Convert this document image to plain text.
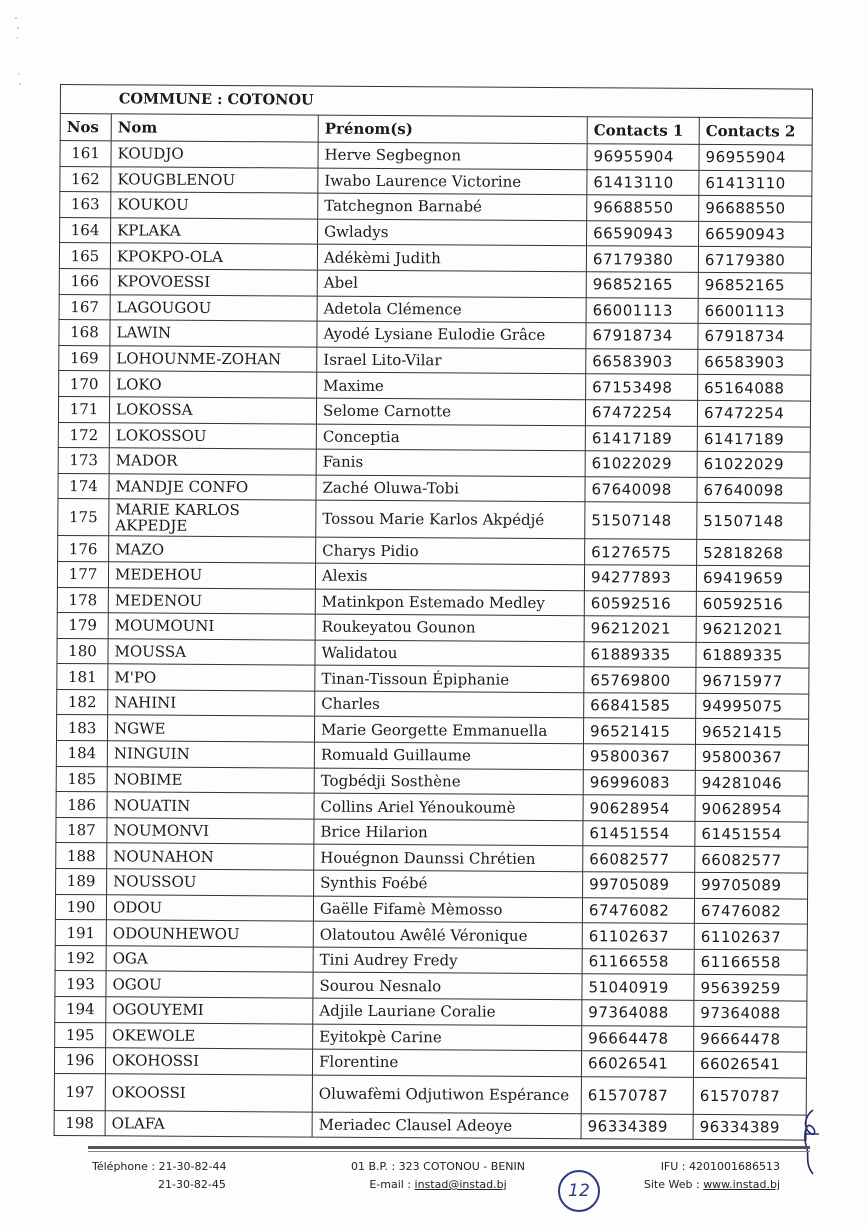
COMMUNE : COTONOU				
Nos	Nom	Prénom(s)	Contacts 1	Contacts 2
161	KOUDJO	Herve Segbegnon	96955904	96955904
162	KOUGBLENOU	Iwabo Laurence Victorine	61413110	61413110
163	KOUKOU	Tatchegnon Barnabé	96688550	96688550
164	KPLAKA	Gwladys	66590943	66590943
165	KPOKPO-OLA	Adékèmi Judith	67179380	67179380
166	KPOVOESSI	Abel	96852165	96852165
167	LAGOUGOU	Adetola Clémence	66001113	66001113
168	LAWIN	Ayodé Lysiane Eulodie Grâce	67918734	67918734
169	LOHOUNME-ZOHAN	Israel Lito-Vilar	66583903	66583903
170	LOKO	Maxime	67153498	65164088
171	LOKOSSA	Selome Carnotte	67472254	67472254
172	LOKOSSOU	Conceptia	61417189	61417189
173	MADOR	Fanis	61022029	61022029
174	MANDJE CONFO	Zaché Oluwa-Tobi	67640098	67640098
175	MARIE KARLOS AKPEDJE	Tossou Marie Karlos Akpédjé	51507148	51507148
176	MAZO	Charys Pidio	61276575	52818268
177	MEDEHOU	Alexis	94277893	69419659
178	MEDENOU	Matinkpon Estemado Medley	60592516	60592516
179	MOUMOUNI	Roukeyatou Gounon	96212021	96212021
180	MOUSSA	Walidatou	61889335	61889335
181	M'PO	Tinan-Tissoun Épiphanie	65769800	96715977
182	NAHINI	Charles	66841585	94995075
183	NGWE	Marie Georgette Emmanuella	96521415	96521415
184	NINGUIN	Romuald Guillaume	95800367	95800367
185	NOBIME	Togbédji Sosthène	96996083	94281046
186	NOUATIN	Collins Ariel Yénoukoumè	90628954	90628954
187	NOUMONVI	Brice Hilarion	61451554	61451554
188	NOUNAHON	Houégnon Daunssi Chrétien	66082577	66082577
189	NOUSSOU	Synthis Foébé	99705089	99705089
190	ODOU	Gaëlle Fifamè Mèmosso	67476082	67476082
191	ODOUNHEWOU	Olatoutou Awêlé Véronique	61102637	61102637
192	OGA	Tini Audrey Fredy	61166558	61166558
193	OGOU	Sourou Nesnalo	51040919	95639259
194	OGOUYEMI	Adjile Lauriane Coralie	97364088	97364088
195	OKEWOLE	Eyitokpè Carine	96664478	96664478
196	OKOHOSSI	Florentine	66026541	66026541
197	OKOOSSI	Oluwafèmi Odjutiwon Espérance	61570787	61570787
198	OLAFA	Meriadec Clausel Adeoye	96334389	96334389
Téléphone : 21-30-82-44
21-30-82-45
01 B.P. : 323 COTONOU - BENIN
E-mail : instad@instad.bj	12
IFU : 4201001686513
Site Web : www.instad.bj
